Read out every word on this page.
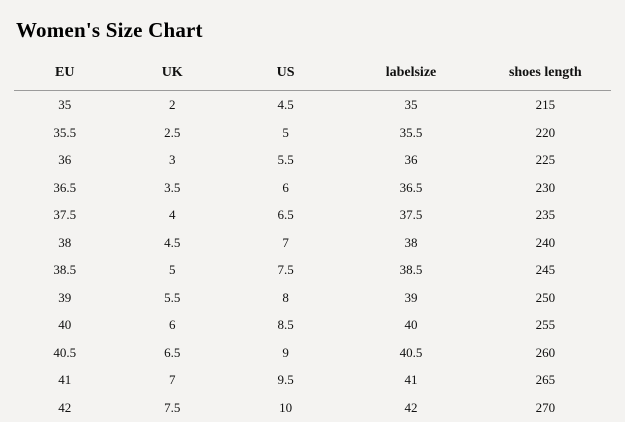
Women's Size Chart
EU	UK	US	labelsize	shoes length
35	2	4.5	35	215
35.5	2.5	5	35.5	220
36	3	5.5	36	225
36.5	3.5	6	36.5	230
37.5	4	6.5	37.5	235
38	4.5	7	38	240
38.5	5	7.5	38.5	245
39	5.5	8	39	250
40	6	8.5	40	255
40.5	6.5	9	40.5	260
41	7	9.5	41	265
42	7.5	10	42	270
